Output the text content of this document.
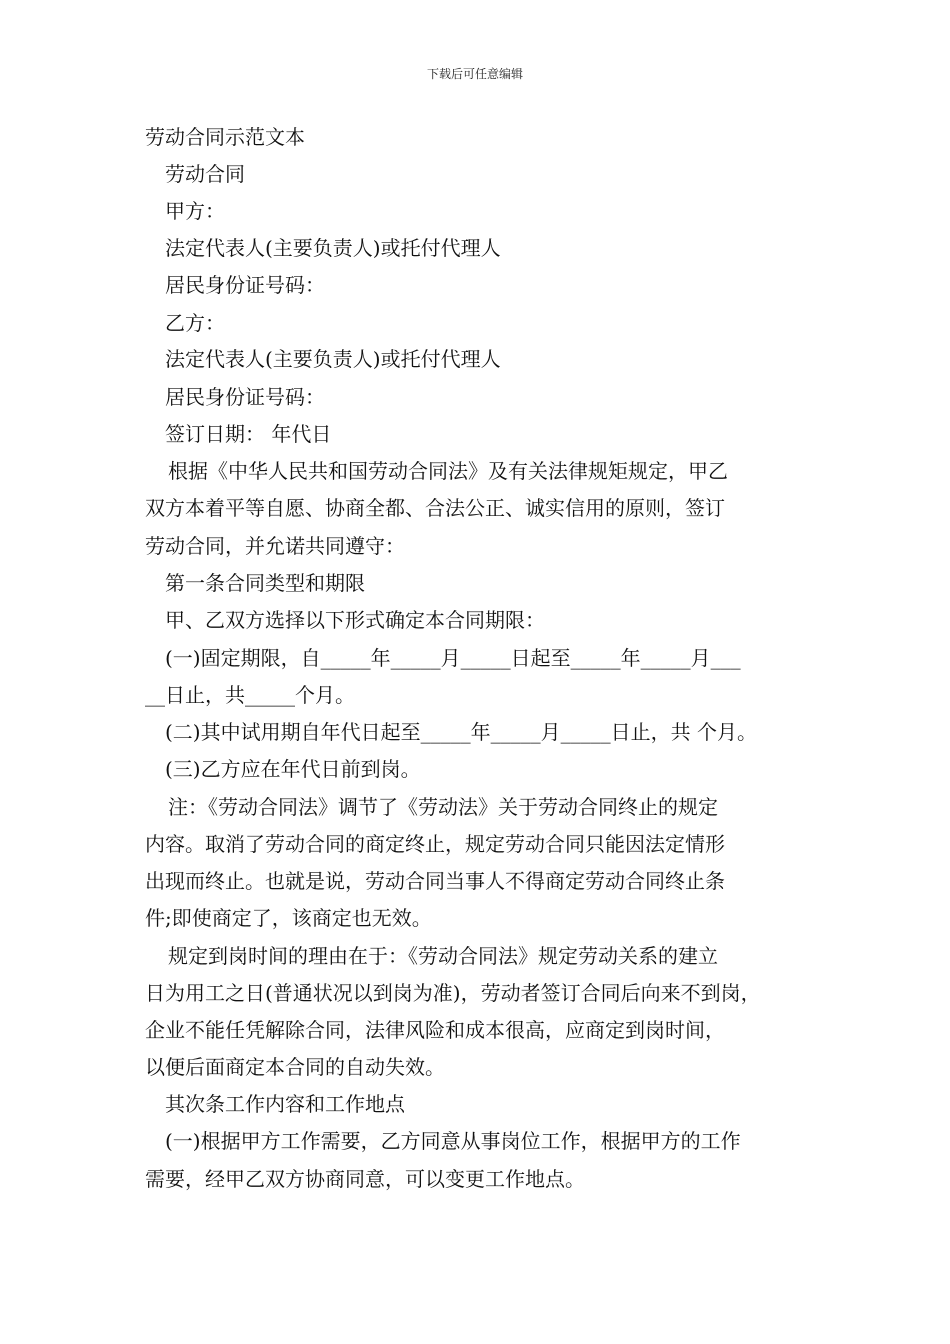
下载后可任意编辑
劳动合同示范文本
劳动合同
甲方：
法定代表人(主要负责人)或托付代理人
居民身份证号码：
乙方：
法定代表人(主要负责人)或托付代理人
居民身份证号码：
签订日期： 年代日
根据《中华人民共和国劳动合同法》及有关法律规矩规定，甲乙
双方本着平等自愿、协商全都、合法公正、诚实信用的原则，签订
劳动合同，并允诺共同遵守：
第一条合同类型和期限
甲、乙双方选择以下形式确定本合同期限：
(一)固定期限，自_____年_____月_____日起至_____年_____月___
__日止，共_____个月。
(二)其中试用期自年代日起至_____年_____月_____日止，共 个月。
(三)乙方应在年代日前到岗。
注：《劳动合同法》调节了《劳动法》关于劳动合同终止的规定
内容。取消了劳动合同的商定终止，规定劳动合同只能因法定情形
出现而终止。也就是说，劳动合同当事人不得商定劳动合同终止条
件;即使商定了，该商定也无效。
规定到岗时间的理由在于：《劳动合同法》规定劳动关系的建立
日为用工之日(普通状况以到岗为准)，劳动者签订合同后向来不到岗，
企业不能任凭解除合同，法律风险和成本很高，应商定到岗时间，
以便后面商定本合同的自动失效。
其次条工作内容和工作地点
(一)根据甲方工作需要，乙方同意从事岗位工作，根据甲方的工作
需要，经甲乙双方协商同意，可以变更工作地点。
